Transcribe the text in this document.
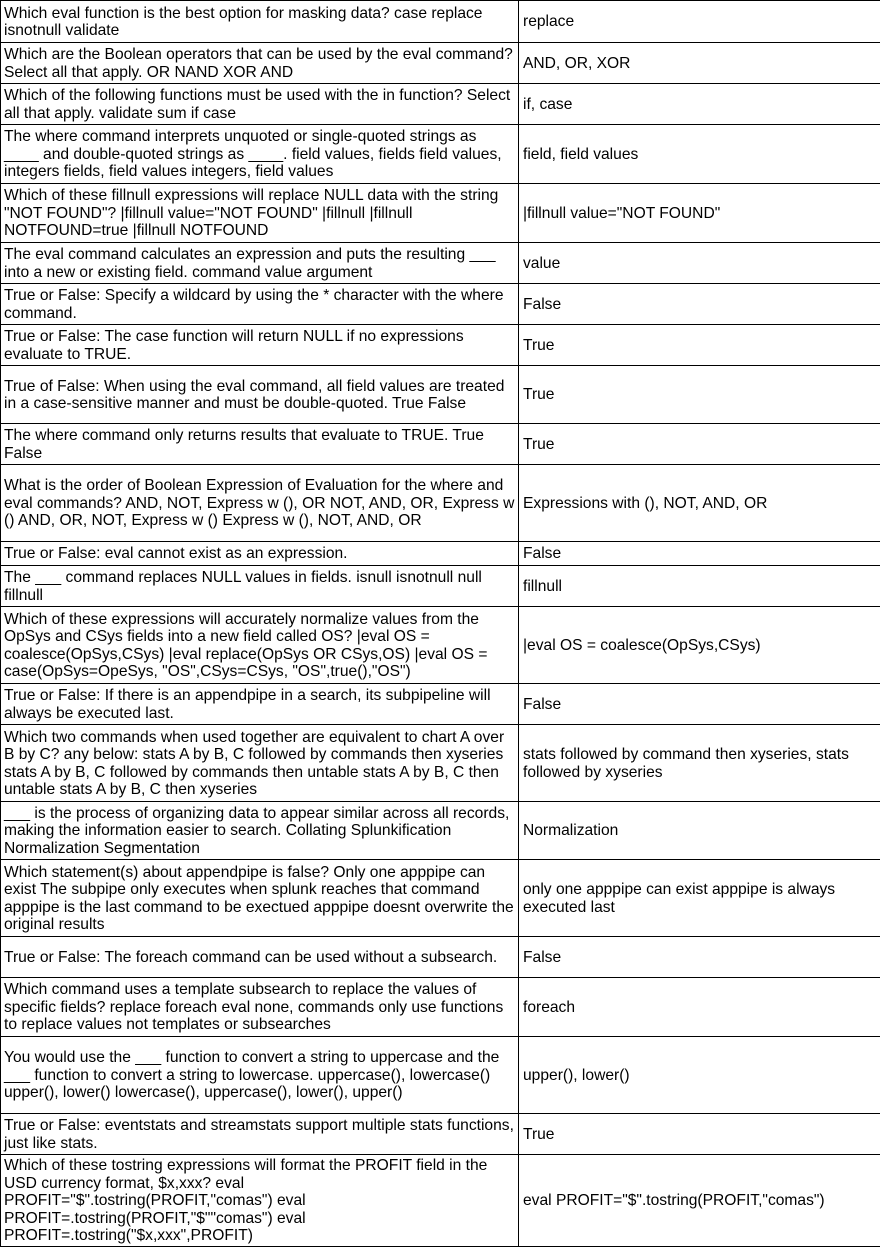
Which eval function is the best option for masking data? case replace isnotnull validate	replace
Which are the Boolean operators that can be used by the eval command? Select all that apply. OR NAND XOR AND	AND, OR, XOR
Which of the following functions must be used with the in function? Select all that apply. validate sum if case	if, case
The where command interprets unquoted or single-quoted strings as ____ and double-quoted strings as ____. field values, fields field values, integers fields, field values integers, field values	field, field values
Which of these fillnull expressions will replace NULL data with the string "NOT FOUND"? |fillnull value="NOT FOUND" |fillnull |fillnull NOTFOUND=true |fillnull NOTFOUND	|fillnull value="NOT FOUND"
The eval command calculates an expression and puts the resulting ___ into a new or existing field. command value argument	value
True or False: Specify a wildcard by using the * character with the where command.	False
True or False: The case function will return NULL if no expressions evaluate to TRUE.	True
True of False: When using the eval command, all field values are treated in a case-sensitive manner and must be double-quoted. True False	True
The where command only returns results that evaluate to TRUE. True False	True
What is the order of Boolean Expression of Evaluation for the where and eval commands? AND, NOT, Express w (), OR NOT, AND, OR, Express w () AND, OR, NOT, Express w () Express w (), NOT, AND, OR	Expressions with (), NOT, AND, OR
True or False: eval cannot exist as an expression.	False
The ___ command replaces NULL values in fields. isnull isnotnull null fillnull	fillnull
Which of these expressions will accurately normalize values from the OpSys and CSys fields into a new field called OS? |eval OS = coalesce(OpSys,CSys) |eval replace(OpSys OR CSys,OS) |eval OS = case(OpSys=OpeSys, "OS",CSys=CSys, "OS",true(),"OS")	|eval OS = coalesce(OpSys,CSys)
True or False: If there is an appendpipe in a search, its subpipeline will always be executed last.	False
Which two commands when used together are equivalent to chart A over B by C? any below: stats A by B, C followed by commands then xyseries stats A by B, C followed by commands then untable stats A by B, C then untable stats A by B, C then xyseries	stats followed by command then xyseries, stats followed by xyseries
___ is the process of organizing data to appear similar across all records, making the information easier to search. Collating Splunkification Normalization Segmentation	Normalization
Which statement(s) about appendpipe is false? Only one apppipe can exist The subpipe only executes when splunk reaches that command apppipe is the last command to be exectued apppipe doesnt overwrite the original results	only one apppipe can exist apppipe is always executed last
True or False: The foreach command can be used without a subsearch.	False
Which command uses a template subsearch to replace the values of specific fields? replace foreach eval none, commands only use functions to replace values not templates or subsearches	foreach
You would use the ___ function to convert a string to uppercase and the ___ function to convert a string to lowercase. uppercase(), lowercase() upper(), lower() lowercase(), uppercase(), lower(), upper()	upper(), lower()
True or False: eventstats and streamstats support multiple stats functions, just like stats.	True
Which of these tostring expressions will format the PROFIT field in the USD currency format, $x,xxx? eval PROFIT="$".tostring(PROFIT,"comas") eval PROFIT=.tostring(PROFIT,"$""comas") eval PROFIT=.tostring("$x,xxx",PROFIT)	eval PROFIT="$".tostring(PROFIT,"comas")
